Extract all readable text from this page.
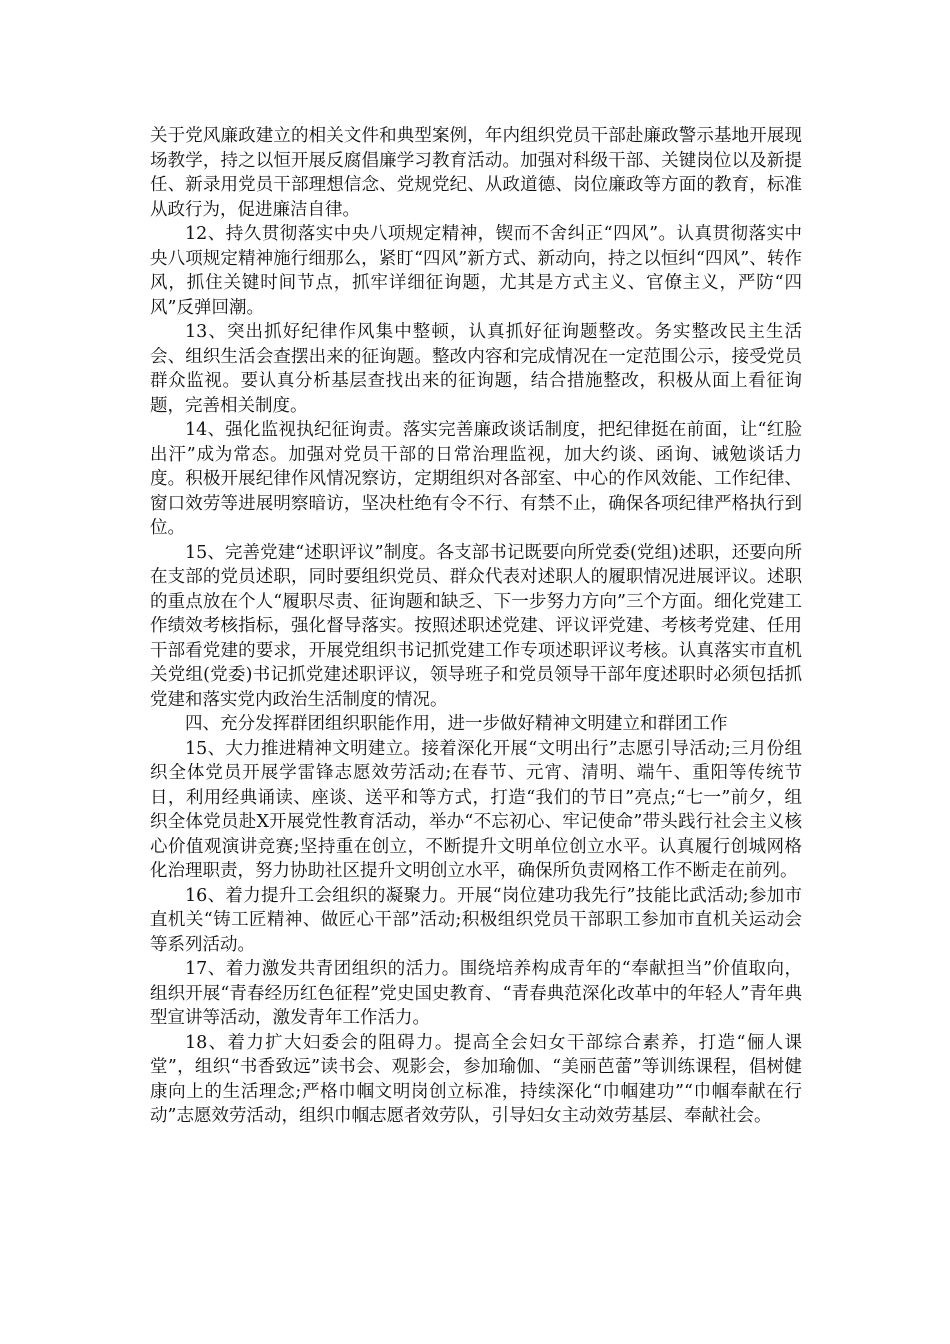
关于党风廉政建立的相关文件和典型案例，年内组织党员干部赴廉政警示基地开展现场教学，持之以恒开展反腐倡廉学习教育活动。加强对科级干部、关键岗位以及新提任、新录用党员干部理想信念、党规党纪、从政道德、岗位廉政等方面的教育，标准从政行为，促进廉洁自律。

12、持久贯彻落实中央八项规定精神，锲而不舍纠正“四风”。认真贯彻落实中央八项规定精神施行细那么，紧盯“四风”新方式、新动向，持之以恒纠“四风”、转作风，抓住关键时间节点，抓牢详细征询题，尤其是方式主义、官僚主义，严防“四风”反弹回潮。

13、突出抓好纪律作风集中整顿，认真抓好征询题整改。务实整改民主生活会、组织生活会查摆出来的征询题。整改内容和完成情况在一定范围公示，接受党员群众监视。要认真分析基层查找出来的征询题，结合措施整改，积极从面上看征询题，完善相关制度。

14、强化监视执纪征询责。落实完善廉政谈话制度，把纪律挺在前面，让“红脸出汗”成为常态。加强对党员干部的日常治理监视，加大约谈、函询、诫勉谈话力度。积极开展纪律作风情况察访，定期组织对各部室、中心的作风效能、工作纪律、窗口效劳等进展明察暗访，坚决杜绝有令不行、有禁不止，确保各项纪律严格执行到位。

15、完善党建“述职评议”制度。各支部书记既要向所党委(党组)述职，还要向所在支部的党员述职，同时要组织党员、群众代表对述职人的履职情况进展评议。述职的重点放在个人“履职尽责、征询题和缺乏、下一步努力方向”三个方面。细化党建工作绩效考核指标，强化督导落实。按照述职述党建、评议评党建、考核考党建、任用干部看党建的要求，开展党组织书记抓党建工作专项述职评议考核。认真落实市直机关党组(党委)书记抓党建述职评议，领导班子和党员领导干部年度述职时必须包括抓党建和落实党内政治生活制度的情况。

四、充分发挥群团组织职能作用，进一步做好精神文明建立和群团工作

15、大力推进精神文明建立。接着深化开展“文明出行”志愿引导活动;三月份组织全体党员开展学雷锋志愿效劳活动;在春节、元宵、清明、端午、重阳等传统节日，利用经典诵读、座谈、送平和等方式，打造“我们的节日”亮点;“七一”前夕，组织全体党员赴X开展党性教育活动，举办“不忘初心、牢记使命”带头践行社会主义核心价值观演讲竞赛;坚持重在创立，不断提升文明单位创立水平。认真履行创城网格化治理职责，努力协助社区提升文明创立水平，确保所负责网格工作不断走在前列。

16、着力提升工会组织的凝聚力。开展“岗位建功我先行”技能比武活动;参加市直机关“铸工匠精神、做匠心干部”活动;积极组织党员干部职工参加市直机关运动会等系列活动。

17、着力激发共青团组织的活力。围绕培养构成青年的“奉献担当”价值取向，组织开展“青春经历红色征程”党史国史教育、“青春典范深化改革中的年轻人”青年典型宣讲等活动，激发青年工作活力。

18、着力扩大妇委会的阻碍力。提高全会妇女干部综合素养，打造“俪人课堂”，组织“书香致远”读书会、观影会，参加瑜伽、“美丽芭蕾”等训练课程，倡树健康向上的生活理念;严格巾帼文明岗创立标准，持续深化“巾帼建功”“巾帼奉献在行动”志愿效劳活动，组织巾帼志愿者效劳队，引导妇女主动效劳基层、奉献社会。
